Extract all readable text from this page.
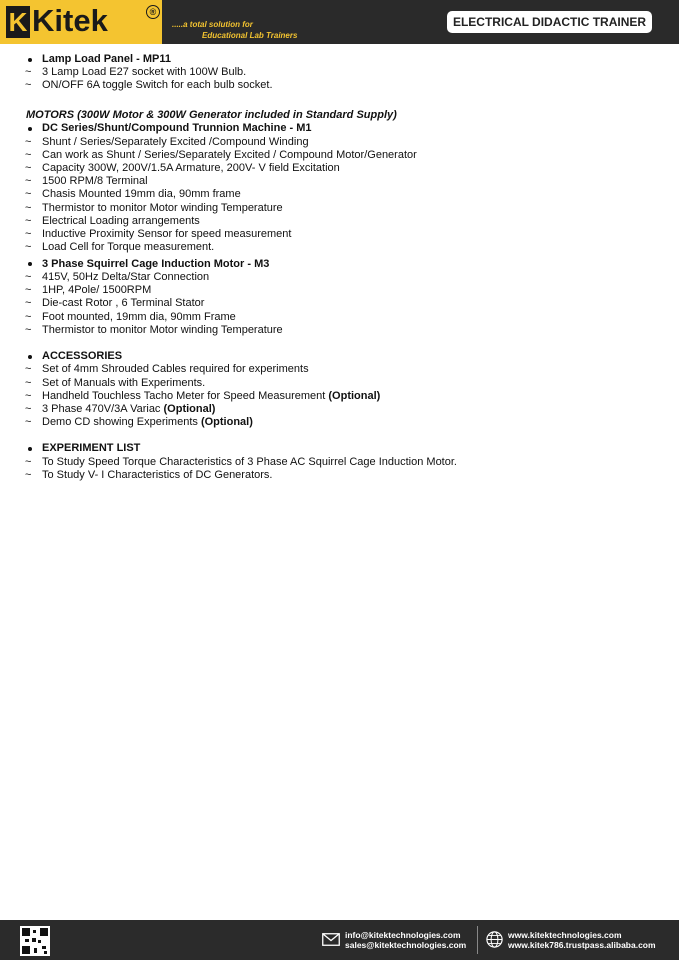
K Kitek	®
.....a total solution for
Educational Lab Trainers
ELECTRICAL DIDACTIC TRAINER
Lamp Load Panel - MP11
~ 3 Lamp Load E27 socket with 100W Bulb.
~ ON/OFF 6A toggle Switch for each bulb socket.
MOTORS (300W Motor & 300W Generator included in Standard Supply)
DC Series/Shunt/Compound Trunnion Machine - M1
~ Shunt / Series/Separately Excited /Compound Winding
~ Can work as Shunt / Series/Separately Excited / Compound Motor/Generator
~ Capacity 300W, 200V/1.5A Armature, 200V- V field Excitation
~ 1500 RPM/8 Terminal
~ Chasis Mounted 19mm dia, 90mm frame
~ Thermistor to monitor Motor winding Temperature
~ Electrical Loading arrangements
~ Inductive Proximity Sensor for speed measurement
~ Load Cell for Torque measurement.
3 Phase Squirrel Cage Induction Motor - M3
~ 415V, 50Hz Delta/Star Connection
~ 1HP, 4Pole/ 1500RPM
~ Die-cast Rotor , 6 Terminal Stator
~ Foot mounted, 19mm dia, 90mm Frame
~ Thermistor to monitor Motor winding Temperature
ACCESSORIES
~ Set of 4mm Shrouded Cables required for experiments
~ Set of Manuals with Experiments.
~ Handheld Touchless Tacho Meter for Speed Measurement (Optional)
~ 3 Phase 470V/3A Variac (Optional)
~ Demo CD showing Experiments (Optional)
EXPERIMENT LIST
~ To Study Speed Torque Characteristics of 3 Phase AC Squirrel Cage Induction Motor.
~ To Study V- I Characteristics of DC Generators.
info@kitektechnologies.com
sales@kitektechnologies.com
www.kitektechnologies.com
www.kitek786.trustpass.alibaba.com
